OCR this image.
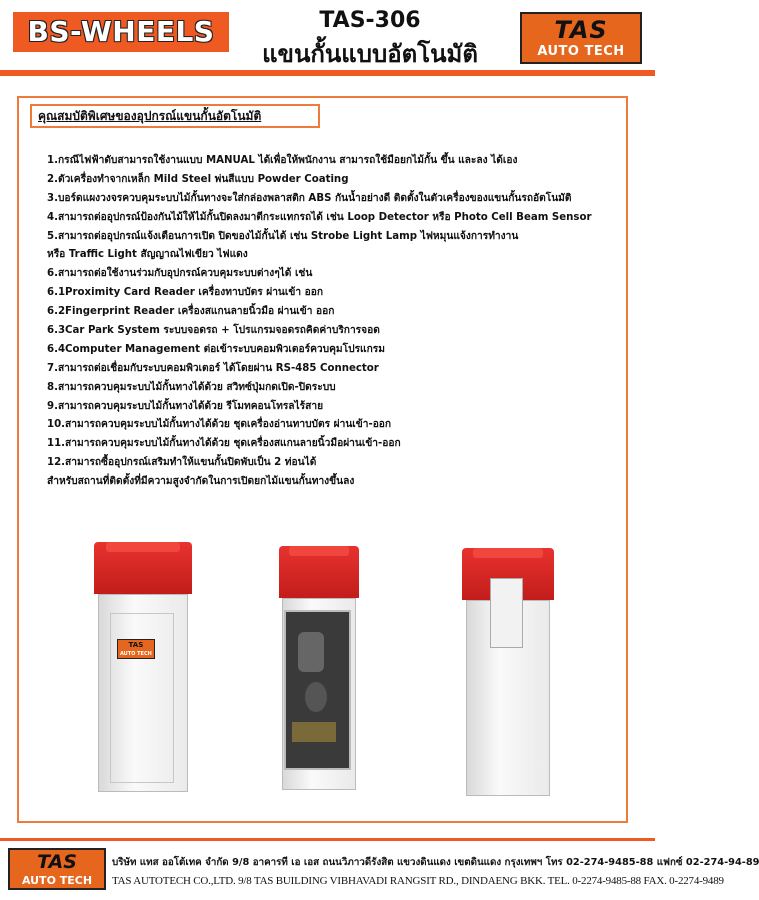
BS-WHEELS	TAS-306
แขนกั้นแบบอัตโนมัติ
TAS
AUTO TECH
คุณสมบัติพิเศษของอุปกรณ์แขนกั้นอัตโนมัติ
1.กรณีไฟฟ้าดับสามารถใช้งานแบบ MANUAL ได้เพื่อให้พนักงาน สามารถใช้มือยกไม้กั้น ขึ้น และลง ได้เอง
2.ตัวเครื่องทำจากเหล็ก Mild Steel พ่นสีแบบ Powder Coating
3.บอร์ดแผงวงจรควบคุมระบบไม้กั้นทางจะใส่กล่องพลาสติก ABS กันน้ำอย่างดี ติดตั้งในตัวเครื่องของแขนกั้นรถอัตโนมัติ
4.สามารถต่ออุปกรณ์ป้องกันไม้ให้ไม้กั้นปิดลงมาตีกระแทกรถได้ เช่น Loop Detector หรือ Photo Cell Beam Sensor
5.สามารถต่ออุปกรณ์แจ้งเตือนการเปิด ปิดของไม้กั้นได้ เช่น Strobe Light Lamp ไฟหมุนแจ้งการทำงาน
หรือ Traffic Light สัญญาณไฟเขียว ไฟแดง
6.สามารถต่อใช้งานร่วมกับอุปกรณ์ควบคุมระบบต่างๆได้ เช่น
6.1Proximity Card Reader เครื่องทาบบัตร ผ่านเข้า ออก
6.2Fingerprint Reader เครื่องสแกนลายนิ้วมือ ผ่านเข้า ออก
6.3Car Park System ระบบจอดรถ + โปรแกรมจอดรถคิดค่าบริการจอด
6.4Computer Management ต่อเข้าระบบคอมพิวเตอร์ควบคุมโปรแกรม
7.สามารถต่อเชื่อมกับระบบคอมพิวเตอร์ ได้โดยผ่าน RS-485 Connector
8.สามารถควบคุมระบบไม้กั้นทางได้ด้วย สวิทซ์ปุ่มกดเปิด-ปิดระบบ
9.สามารถควบคุมระบบไม้กั้นทางได้ด้วย รีโมทคอนโทรลไร้สาย
10.สามารถควบคุมระบบไม้กั้นทางได้ด้วย ชุดเครื่องอ่านทาบบัตร ผ่านเข้า-ออก
11.สามารถควบคุมระบบไม้กั้นทางได้ด้วย ชุดเครื่องสแกนลายนิ้วมือผ่านเข้า-ออก
12.สามารถซื้ออุปกรณ์เสริมทำให้แขนกั้นปิดพับเป็น 2 ท่อนได้
สำหรับสถานที่ติดตั้งที่มีความสูงจำกัดในการเปิดยกไม้แขนกั้นทางขึ้นลง
TAS
AUTO TECH
TAS
AUTO TECH
บริษัท แทส ออโต้เทค จำกัด 9/8 อาคารที เอ เอส ถนนวิภาวดีรังสิต แขวงดินแดง เขตดินแดง กรุงเทพฯ โทร 02-274-9485-88 แฟกซ์ 02-274-94-89
TAS AUTOTECH CO.,LTD. 9/8 TAS BUILDING VIBHAVADI RANGSIT RD., DINDAENG BKK. TEL. 0-2274-9485-88 FAX. 0-2274-9489
